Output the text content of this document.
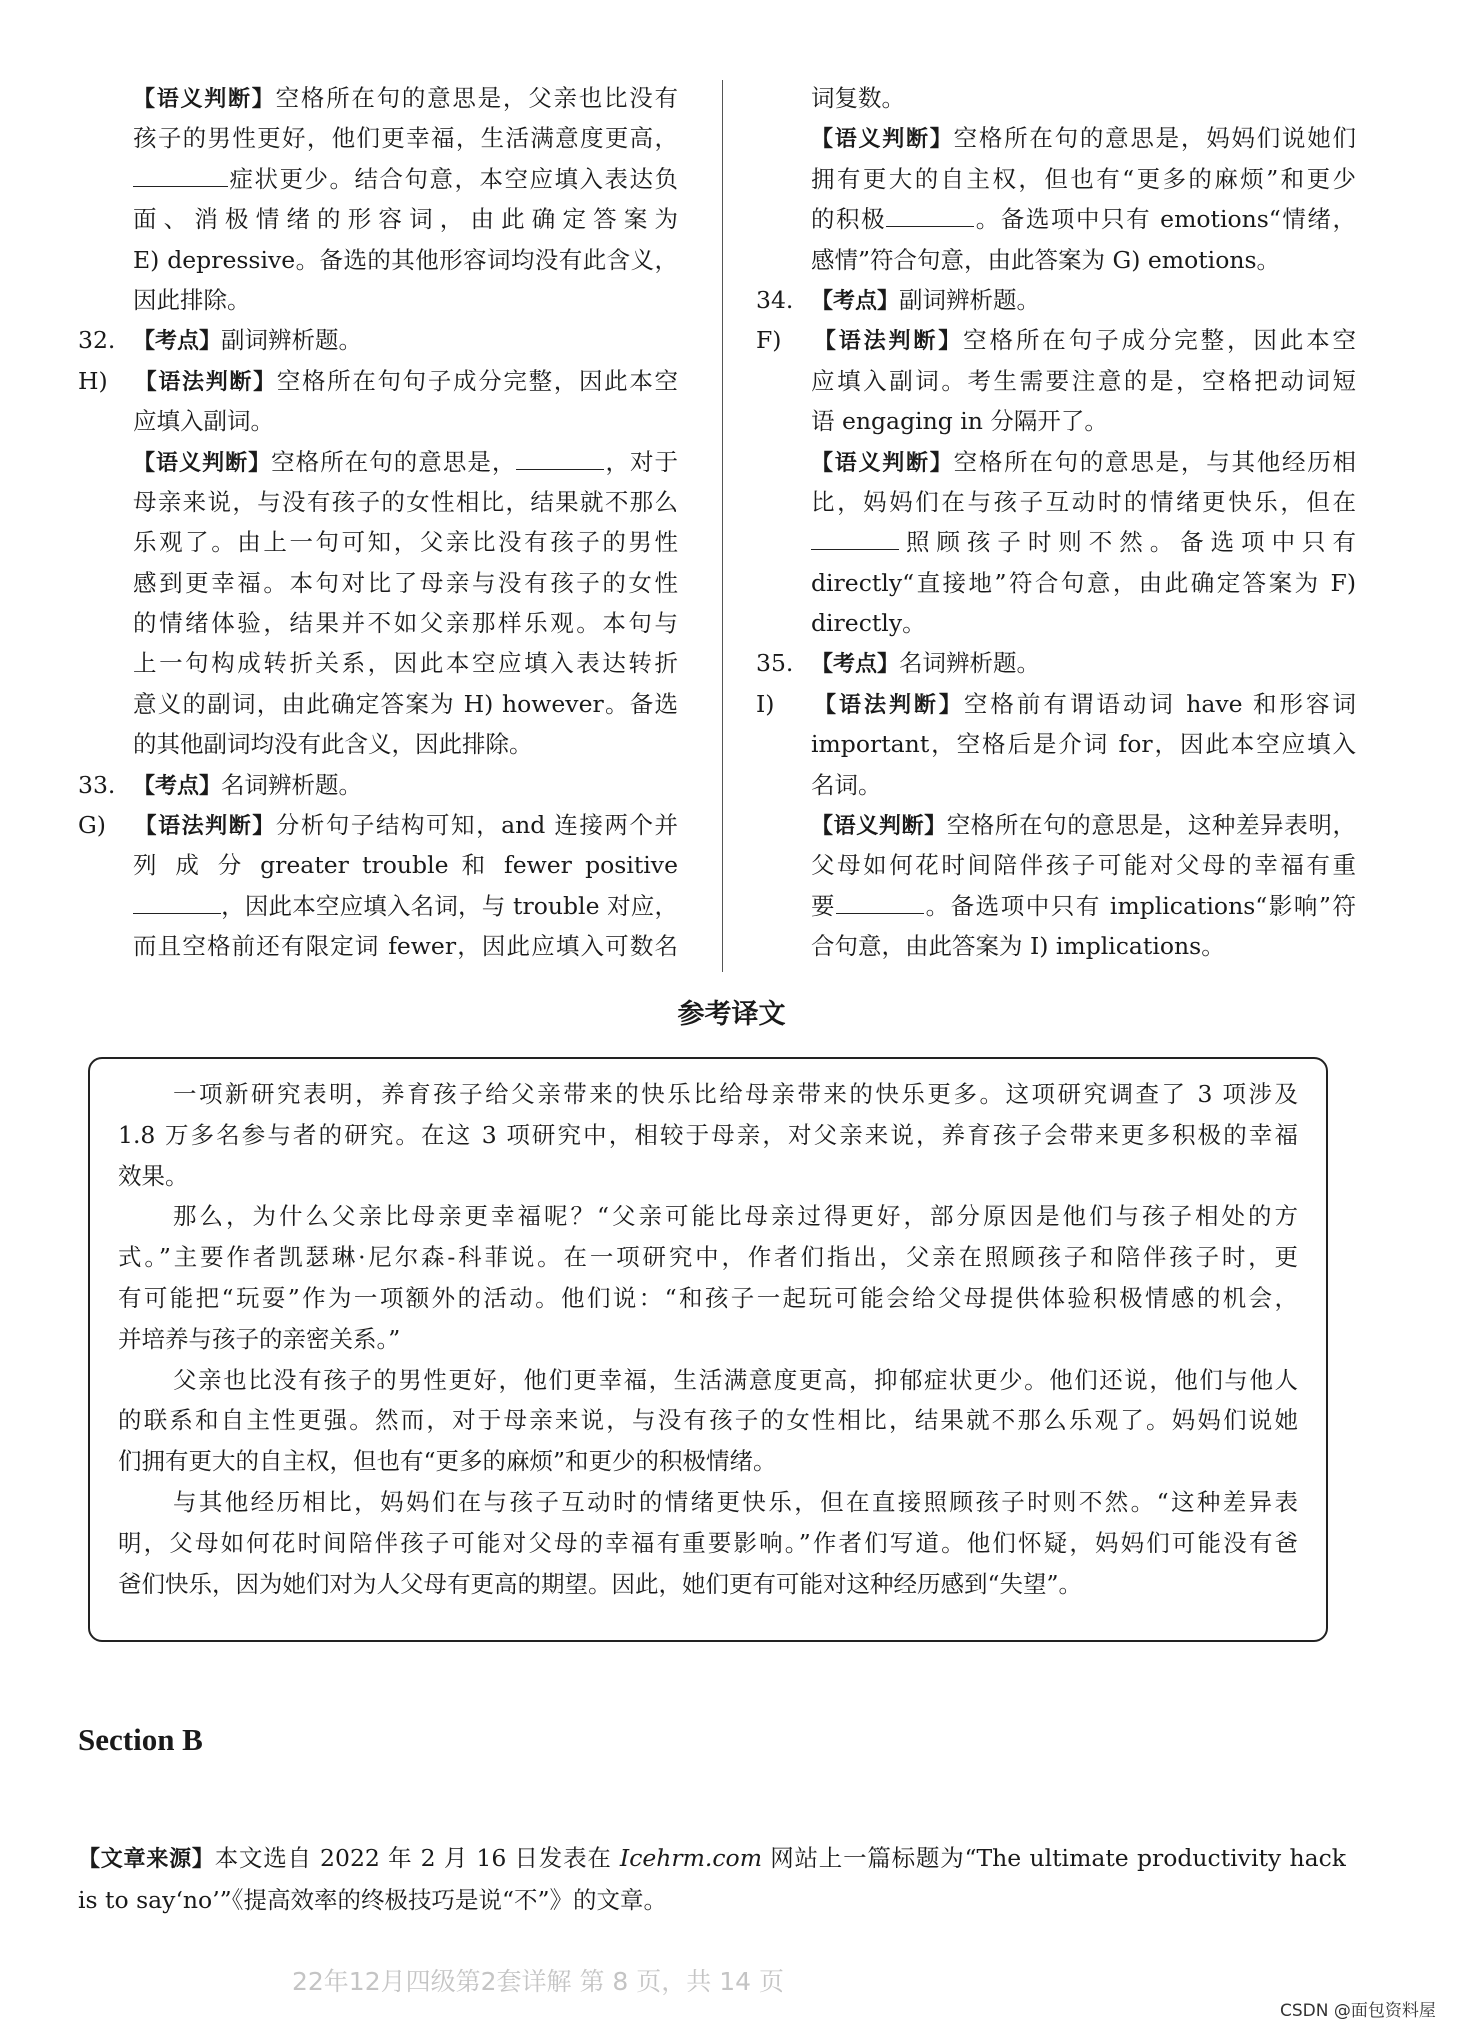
【语义判断】空格所在句的意思是，父亲也比没有
孩子的男性更好，他们更幸福，生活满意度更高，
症状更少。结合句意，本空应填入表达负
面、消极情绪的形容词，由此确定答案为
E) depressive。备选的其他形容词均没有此含义，
因此排除。
32. 【考点】副词辨析题。
H) 【语法判断】空格所在句句子成分完整，因此本空
应填入副词。
【语义判断】空格所在句的意思是，	，对于
母亲来说，与没有孩子的女性相比，结果就不那么
乐观了。由上一句可知，父亲比没有孩子的男性
感到更幸福。本句对比了母亲与没有孩子的女性
的情绪体验，结果并不如父亲那样乐观。本句与
上一句构成转折关系，因此本空应填入表达转折
意义的副词，由此确定答案为 H) however。备选
的其他副词均没有此含义，因此排除。
33. 【考点】名词辨析题。
G) 【语法判断】分析句子结构可知，and 连接两个并
列 成 分 greater trouble 和 fewer positive
，因此本空应填入名词，与 trouble 对应，
而且空格前还有限定词 fewer，因此应填入可数名
词复数。
【语义判断】空格所在句的意思是，妈妈们说她们
拥有更大的自主权，但也有“更多的麻烦”和更少
的积极	。备选项中只有 emotions“情绪，
感情”符合句意，由此答案为 G) emotions。
34. 【考点】副词辨析题。
F) 【语法判断】空格所在句子成分完整，因此本空
应填入副词。考生需要注意的是，空格把动词短
语 engaging in 分隔开了。
【语义判断】空格所在句的意思是，与其他经历相
比，妈妈们在与孩子互动时的情绪更快乐，但在
照顾孩子时则不然。备选项中只有
directly“直接地”符合句意，由此确定答案为 F)
directly。
35. 【考点】名词辨析题。
I) 【语法判断】空格前有谓语动词 have 和形容词
important，空格后是介词 for，因此本空应填入
名词。
【语义判断】空格所在句的意思是，这种差异表明，
父母如何花时间陪伴孩子可能对父母的幸福有重
要	。备选项中只有 implications“影响”符
合句意，由此答案为 I) implications。
参考译文
一项新研究表明，养育孩子给父亲带来的快乐比给母亲带来的快乐更多。这项研究调查了 3 项涉及
1.8 万多名参与者的研究。在这 3 项研究中，相较于母亲，对父亲来说，养育孩子会带来更多积极的幸福
效果。
那么，为什么父亲比母亲更幸福呢？“父亲可能比母亲过得更好，部分原因是他们与孩子相处的方
式。”主要作者凯瑟琳·尼尔森-科菲说。在一项研究中，作者们指出，父亲在照顾孩子和陪伴孩子时，更
有可能把“玩耍”作为一项额外的活动。他们说：“和孩子一起玩可能会给父母提供体验积极情感的机会，
并培养与孩子的亲密关系。”
父亲也比没有孩子的男性更好，他们更幸福，生活满意度更高，抑郁症状更少。他们还说，他们与他人
的联系和自主性更强。然而，对于母亲来说，与没有孩子的女性相比，结果就不那么乐观了。妈妈们说她
们拥有更大的自主权，但也有“更多的麻烦”和更少的积极情绪。
与其他经历相比，妈妈们在与孩子互动时的情绪更快乐，但在直接照顾孩子时则不然。“这种差异表
明，父母如何花时间陪伴孩子可能对父母的幸福有重要影响。”作者们写道。他们怀疑，妈妈们可能没有爸
爸们快乐，因为她们对为人父母有更高的期望。因此，她们更有可能对这种经历感到“失望”。
Section B
【文章来源】本文选自 2022 年 2 月 16 日发表在 Icehrm.com 网站上一篇标题为“The ultimate productivity hack
is to say‘no’”《提高效率的终极技巧是说“不”》的文章。
22年12月四级第2套详解 第 8 页，共 14 页
CSDN @面包资料屋
